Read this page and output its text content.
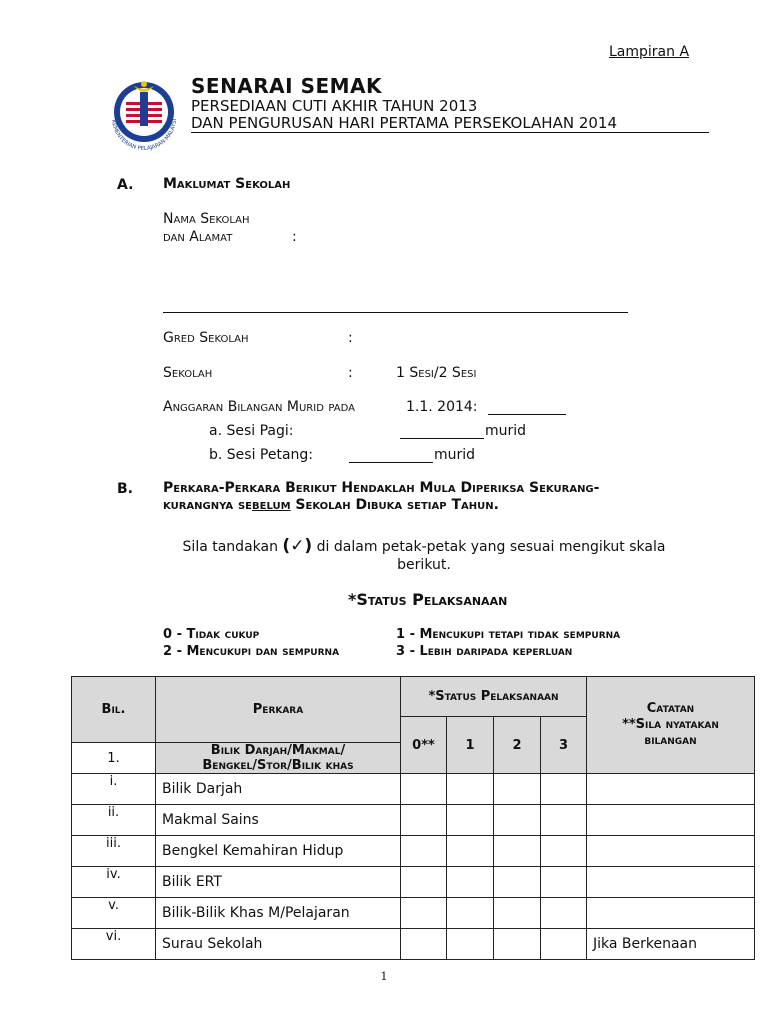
Lampiran A
KEMENTERIAN PELAJARAN MALAYSI
SENARAI SEMAK
PERSEDIAAN CUTI AKHIR TAHUN 2013
DAN PENGURUSAN HARI PERTAMA PERSEKOLAHAN 2014
A. Maklumat Sekolah
Nama Sekolah
dan Alamat	:
Gred Sekolah	:
Sekolah	:	1 Sesi/2 Sesi
Anggaran Bilangan Murid pada	1.1. 2014:
a. Sesi Pagi:	murid
b. Sesi Petang:	murid
B. Perkara-Perkara Berikut Hendaklah Mula Diperiksa Sekurang-
kurangnya sebelum Sekolah Dibuka setiap Tahun.
Sila tandakan (✓) di dalam petak-petak yang sesuai mengikut skala
berikut.
*Status Pelaksanaan
0 - Tidak cukup	1 - Mencukupi tetapi tidak sempurna
2 - Mencukupi dan sempurna	3 - Lebih daripada keperluan
Bil.	Perkara	*Status Pelaksanaan				Catatan
**Sila nyatakan
bilangan

		0**	1	2	3	
1.	Bilik Darjah/Makmal/
Bengkel/Stor/Bilik khas					

i.	Bilik Darjah					
ii.	Makmal Sains					
iii.	Bengkel Kemahiran Hidup					
iv.	Bilik ERT					
v.	Bilik-Bilik Khas M/Pelajaran					
vi.	Surau Sekolah					Jika Berkenaan
1
